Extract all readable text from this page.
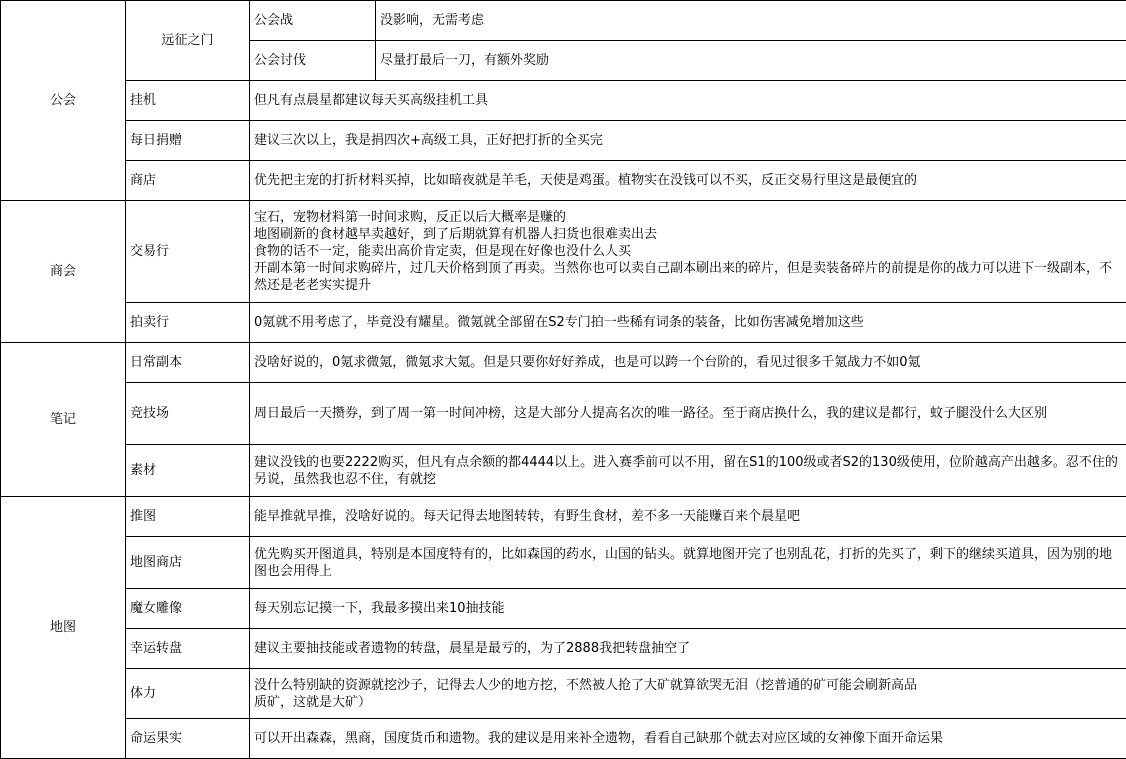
公会	远征之门	公会战	没影响，无需考虑
		公会讨伐	尽量打最后一刀，有额外奖励
	挂机	但凡有点晨星都建议每天买高级挂机工具	
	每日捐赠	建议三次以上，我是捐四次+高级工具，正好把打折的全买完	
	商店	优先把主宠的打折材料买掉，比如暗夜就是羊毛，天使是鸡蛋。植物实在没钱可以不买，反正交易行里这是最便宜的	
商会	交易行	宝石，宠物材料第一时间求购，反正以后大概率是赚的
地图刷新的食材越早卖越好，到了后期就算有机器人扫货也很难卖出去
食物的话不一定，能卖出高价肯定卖，但是现在好像也没什么人买
开副本第一时间求购碎片，过几天价格到顶了再卖。当然你也可以卖自己副本刷出来的碎片，但是卖装备碎片的前提是你的战力可以进下一级副本，不然还是老老实实提升	
	拍卖行	0氪就不用考虑了，毕竟没有耀星。微氪就全部留在S2专门拍一些稀有词条的装备，比如伤害减免增加这些	
笔记	日常副本	没啥好说的，0氪求微氪，微氪求大氪。但是只要你好好养成，也是可以跨一个台阶的，看见过很多千氪战力不如0氪	
	竞技场	周日最后一天攒券，到了周一第一时间冲榜，这是大部分人提高名次的唯一路径。至于商店换什么，我的建议是都行，蚊子腿没什么大区别	
	素材	建议没钱的也要2222购买，但凡有点余额的都4444以上。进入赛季前可以不用，留在S1的100级或者S2的130级使用，位阶越高产出越多。忍不住的另说，虽然我也忍不住，有就挖	
地图	推图	能早推就早推，没啥好说的。每天记得去地图转转，有野生食材，差不多一天能赚百来个晨星吧	
	地图商店	优先购买开图道具，特别是本国度特有的，比如森国的药水，山国的钻头。就算地图开完了也别乱花，打折的先买了，剩下的继续买道具，因为别的地图也会用得上	
	魔女雕像	每天别忘记摸一下，我最多摸出来10抽技能	
	幸运转盘	建议主要抽技能或者遗物的转盘，晨星是最亏的，为了2888我把转盘抽空了	
	体力	没什么特别缺的资源就挖沙子，记得去人少的地方挖，不然被人抢了大矿就算欲哭无泪（挖普通的矿可能会刷新高品
质矿，这就是大矿）	
	命运果实	可以开出森森，黑商，国度货币和遗物。我的建议是用来补全遗物，看看自己缺那个就去对应区域的女神像下面开命运果	
